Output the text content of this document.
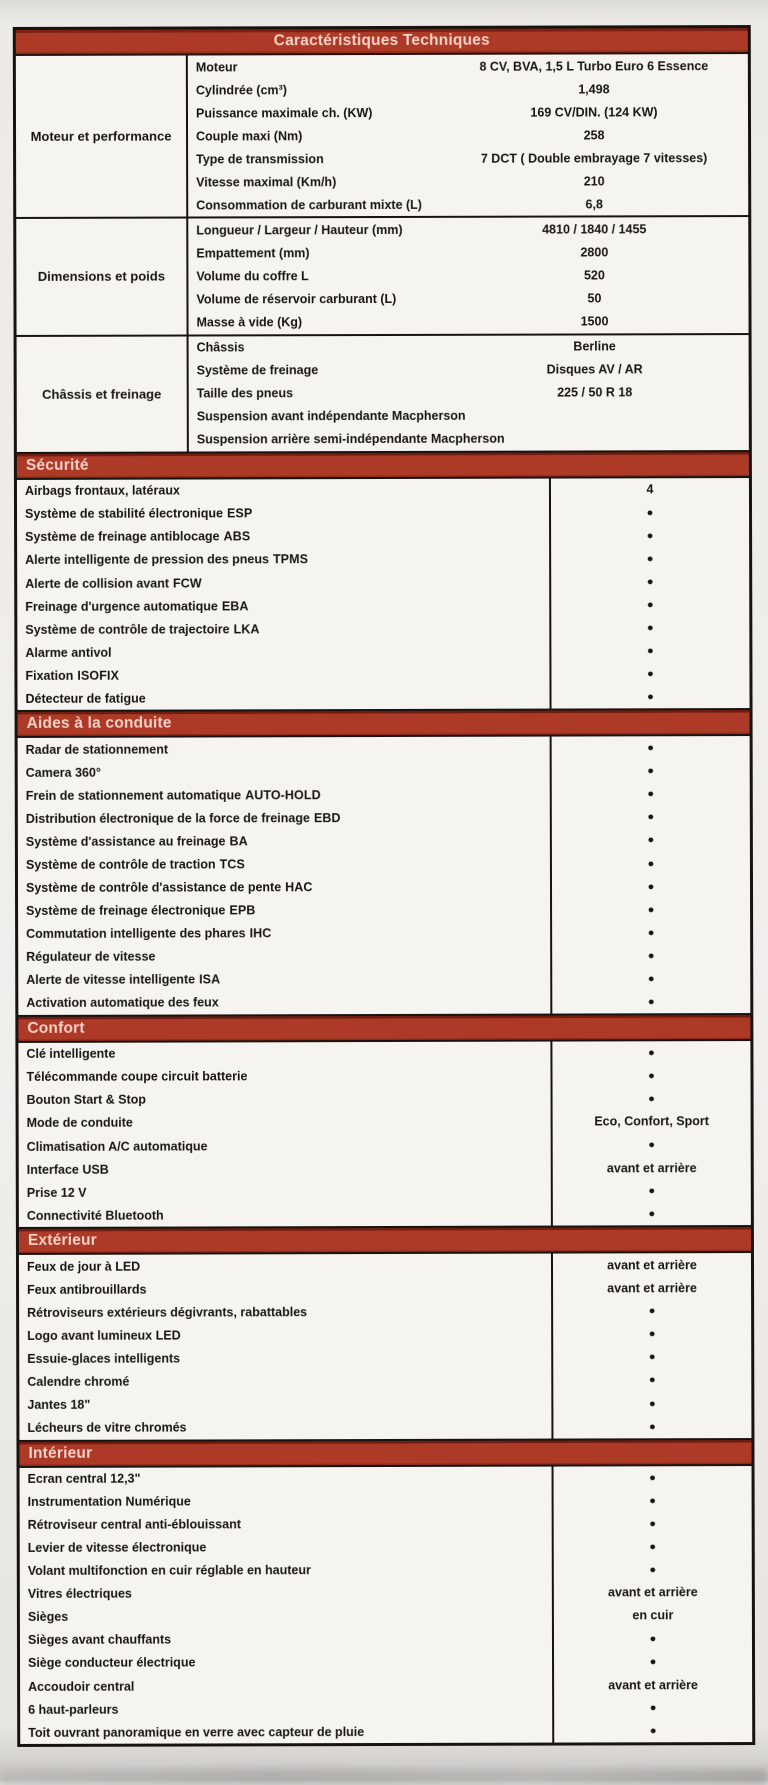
Caractéristiques Techniques
Moteur et performance
Moteur	8 CV, BVA, 1,5 L Turbo Euro 6 Essence
Cylindrée (cm³)	1,498
Puissance maximale ch. (KW)	169 CV/DIN. (124 KW)
Couple maxi (Nm)	258
Type de transmission	7 DCT ( Double embrayage 7 vitesses)
Vitesse maximal (Km/h)	210
Consommation de carburant mixte (L)	6,8
Dimensions et poids
Longueur / Largeur / Hauteur (mm)	4810 / 1840 / 1455
Empattement (mm)	2800
Volume du coffre L	520
Volume de réservoir carburant (L)	50
Masse à vide (Kg)	1500
Châssis et freinage
Châssis	Berline
Système de freinage	Disques AV / AR
Taille des pneus	225 / 50 R 18
Suspension avant indépendante Macpherson
Suspension arrière semi-indépendante Macpherson
Sécurité
Airbags frontaux, latéraux	4
Système de stabilité électronique ESP	•
Système de freinage antiblocage ABS	•
Alerte intelligente de pression des pneus TPMS	•
Alerte de collision avant FCW	•
Freinage d'urgence automatique EBA	•
Système de contrôle de trajectoire LKA	•
Alarme antivol	•
Fixation ISOFIX	•
Détecteur de fatigue	•
Aides à la conduite
Radar de stationnement	•
Camera 360°	•
Frein de stationnement automatique AUTO-HOLD	•
Distribution électronique de la force de freinage EBD	•
Système d'assistance au freinage BA	•
Système de contrôle de traction TCS	•
Système de contrôle d'assistance de pente HAC	•
Système de freinage électronique EPB	•
Commutation intelligente des phares IHC	•
Régulateur de vitesse	•
Alerte de vitesse intelligente ISA	•
Activation automatique des feux	•
Confort
Clé intelligente	•
Télécommande coupe circuit batterie	•
Bouton Start & Stop	•
Mode de conduite	Eco, Confort, Sport
Climatisation A/C automatique	•
Interface USB	avant et arrière
Prise 12 V	•
Connectivité Bluetooth	•
Extérieur
Feux de jour à LED	avant et arrière
Feux antibrouillards	avant et arrière
Rétroviseurs extérieurs dégivrants, rabattables	•
Logo avant lumineux LED	•
Essuie-glaces intelligents	•
Calendre chromé	•
Jantes 18"	•
Lécheurs de vitre chromés	•
Intérieur
Ecran central 12,3"	•
Instrumentation Numérique	•
Rétroviseur central anti-éblouissant	•
Levier de vitesse électronique	•
Volant multifonction en cuir réglable en hauteur	•
Vitres électriques	avant et arrière
Sièges	en cuir
Sièges avant chauffants	•
Siège conducteur électrique	•
Accoudoir central	avant et arrière
6 haut-parleurs	•
Toit ouvrant panoramique en verre avec capteur de pluie	•
